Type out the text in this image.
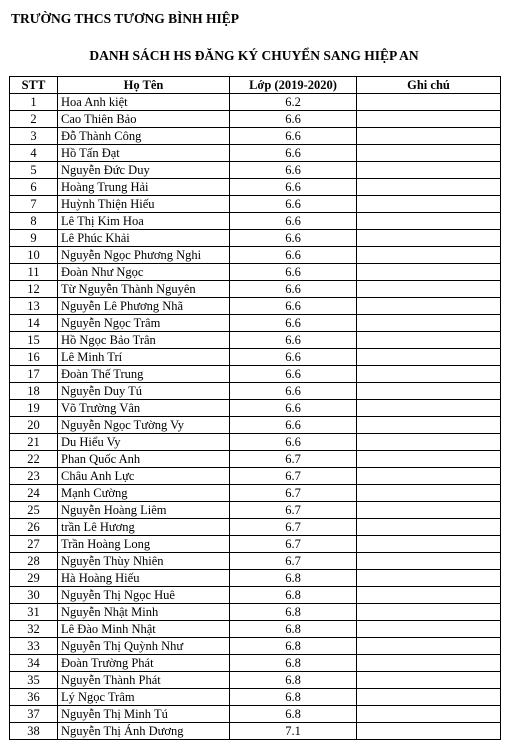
TRƯỜNG THCS TƯƠNG BÌNH HIỆP
DANH SÁCH HS ĐĂNG KÝ CHUYỂN SANG HIỆP AN
STT	Họ Tên	Lớp (2019-2020)	Ghi chú
1	Hoa Anh kiệt	6.2	
2	Cao Thiên Bảo	6.6	
3	Đỗ Thành Công	6.6	
4	Hồ Tấn Đạt	6.6	
5	Nguyễn Đức Duy	6.6	
6	Hoàng Trung Hải	6.6	
7	Huỳnh Thiện Hiếu	6.6	
8	Lê Thị Kim Hoa	6.6	
9	Lê Phúc Khải	6.6	
10	Nguyễn Ngọc Phương Nghi	6.6	
11	Đoàn Như Ngọc	6.6	
12	Từ Nguyễn Thành Nguyên	6.6	
13	Nguyễn Lê Phương Nhã	6.6	
14	Nguyễn Ngọc Trâm	6.6	
15	Hồ Ngọc Bảo Trân	6.6	
16	Lê Minh Trí	6.6	
17	Đoàn Thế Trung	6.6	
18	Nguyễn Duy Tú	6.6	
19	Võ Trường Vân	6.6	
20	Nguyễn Ngọc Tường Vy	6.6	
21	Du Hiểu Vy	6.6	
22	Phan Quốc Anh	6.7	
23	Châu Anh Lực	6.7	
24	Mạnh Cường	6.7	
25	Nguyễn Hoàng Liêm	6.7	
26	trần Lê Hương	6.7	
27	Trần Hoàng Long	6.7	
28	Nguyễn Thùy Nhiên	6.7	
29	Hà Hoàng Hiếu	6.8	
30	Nguyễn Thị Ngọc Huê	6.8	
31	Nguyễn Nhật Minh	6.8	
32	Lê Đào Minh Nhật	6.8	
33	Nguyễn Thị Quỳnh Như	6.8	
34	Đoàn Trường Phát	6.8	
35	Nguyễn Thành Phát	6.8	
36	Lý Ngọc Trâm	6.8	
37	Nguyễn Thị Minh Tú	6.8	
38	Nguyễn Thị Ánh Dương	7.1	
